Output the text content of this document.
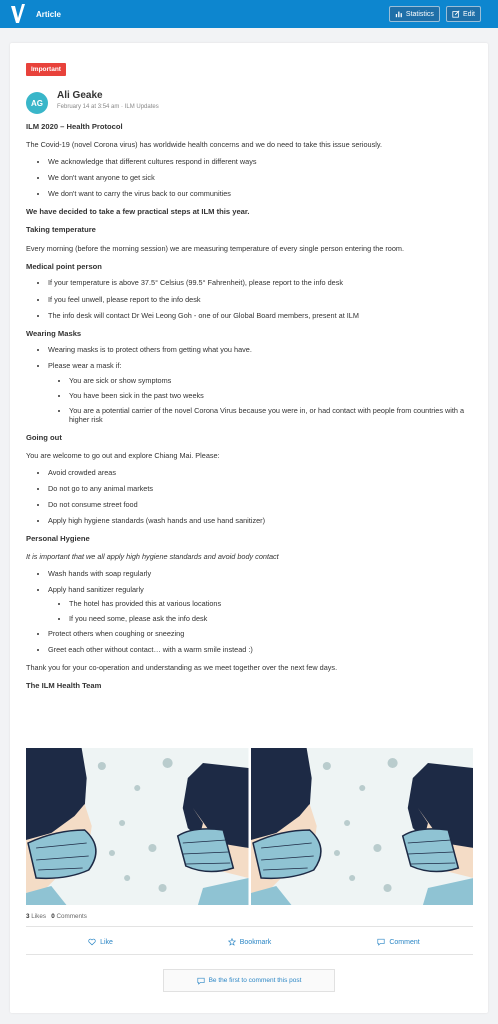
Article	Statistics	Edit
Important
AG
Ali Geake
February 14 at 3:54 am · ILM Updates
ILM 2020 – Health Protocol

The Covid-19 (novel Corona virus) has worldwide health concerns and we do need to take this issue seriously.

• We acknowledge that different cultures respond in different ways
• We don't want anyone to get sick
• We don't want to carry the virus back to our communities
We have decided to take a few practical steps at ILM this year.
Taking temperature

Every morning (before the morning session) we are measuring temperature of every single person entering the room.

Medical point person
• If your temperature is above 37.5° Celsius (99.5° Fahrenheit), please report to the info desk
• If you feel unwell, please report to the info desk
• The info desk will contact Dr Wei Leong Goh - one of our Global Board members, present at ILM
Wearing Masks
• Wearing masks is to protect others from getting what you have.
• Please wear a mask if:
• You are sick or show symptoms
• You have been sick in the past two weeks
• You are a potential carrier of the novel Corona Virus because you were in, or had contact with people from countries with a higher risk
Going out

You are welcome to go out and explore Chiang Mai. Please:

• Avoid crowded areas
• Do not go to any animal markets
• Do not consume street food
• Apply high hygiene standards (wash hands and use hand sanitizer)
Personal Hygiene

It is important that we all apply high hygiene standards and avoid body contact

• Wash hands with soap regularly
• Apply hand sanitizer regularly
• The hotel has provided this at various locations
• If you need some, please ask the info desk
• Protect others when coughing or sneezing
• Greet each other without contact… with a warm smile instead :)

Thank you for your co-operation and understanding as we meet together over the next few days.

The ILM Health Team
3 Likes 0 Comments
Like	Bookmark	Comment
Be the first to comment this post
